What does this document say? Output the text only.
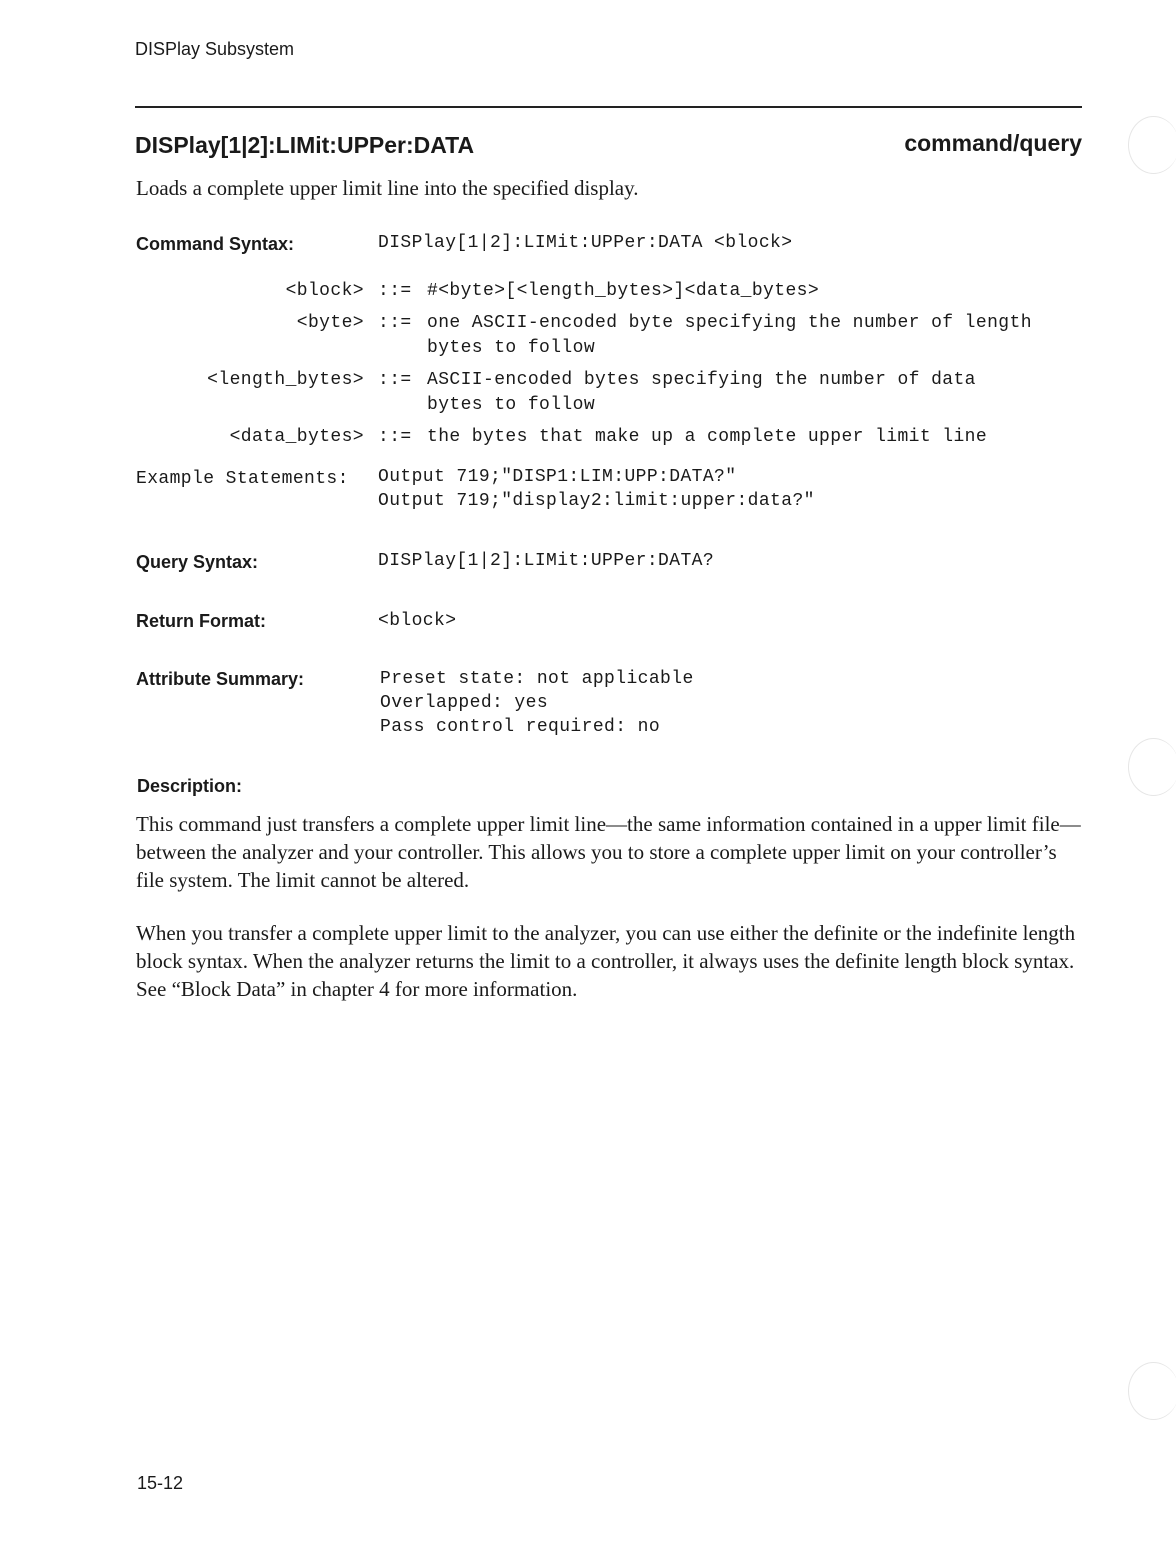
DISPlay Subsystem
DISPlay[1|2]:LIMit:UPPer:DATA	command/query
Loads a complete upper limit line into the specified display.
Command Syntax:	DISPlay[1|2]:LIMit:UPPer:DATA <block>
<block> ::= #<byte>[<length_bytes>]<data_bytes>
<byte> ::= one ASCII-encoded byte specifying the number of length
bytes to follow
<length_bytes> ::= ASCII-encoded bytes specifying the number of data
bytes to follow
<data_bytes> ::= the bytes that make up a complete upper limit line
Example Statements: Output 719;"DISP1:LIM:UPP:DATA?"
Output 719;"display2:limit:upper:data?"
Query Syntax:	DISPlay[1|2]:LIMit:UPPer:DATA?
Return Format:	<block>
Attribute Summary:	Preset state: not applicable
Overlapped: yes
Pass control required: no
Description:

This command just transfers a complete upper limit line—the same information contained in a upper limit file—between the analyzer and your controller. This allows you to store a complete upper limit on your controller’s file system. The limit cannot be altered.

When you transfer a complete upper limit to the analyzer, you can use either the definite or the indefinite length block syntax. When the analyzer returns the limit to a controller, it always uses the definite length block syntax. See “Block Data” in chapter 4 for more information.

15-12
